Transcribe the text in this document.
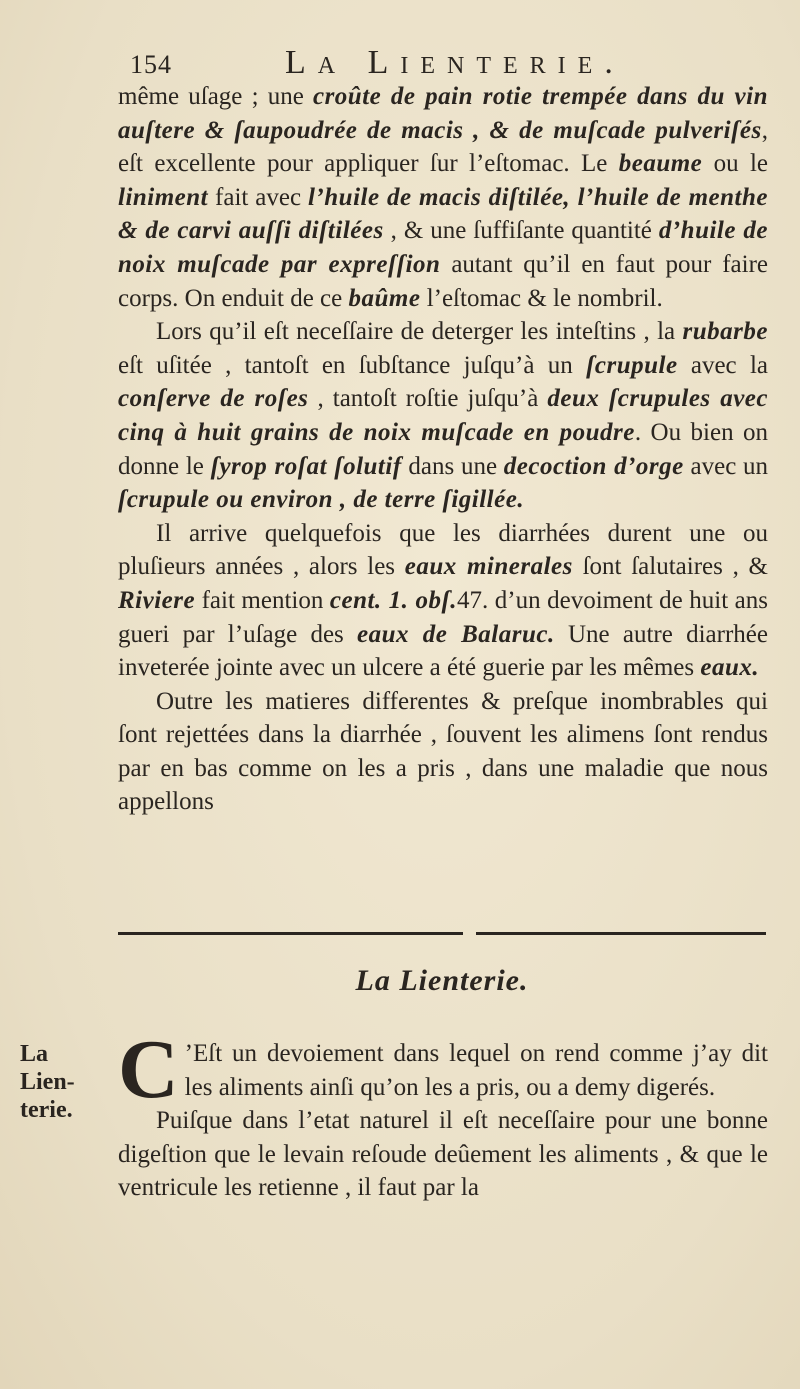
154	La Lienterie.

même uſage ; une croûte de pain rotie trempée dans du vin auſtere & ſaupoudrée de macis , & de muſcade pulveriſés, eſt excellente pour appliquer ſur l’eſtomac. Le beaume ou le liniment fait avec l’huile de macis diſtilée, l’huile de menthe & de carvi auſſi diſtilées , & une ſuffiſante quantité d’huile de noix muſcade par expreſſion autant qu’il en faut pour faire corps. On enduit de ce baûme l’eſtomac & le nombril.

Lors qu’il eſt neceſſaire de deterger les inteſtins , la rubarbe eſt uſitée , tantoſt en ſubſtance juſqu’à un ſcrupule avec la conſerve de roſes , tantoſt roſtie juſqu’à deux ſcrupules avec cinq à huit grains de noix muſcade en poudre. Ou bien on donne le ſyrop roſat ſolutif dans une decoction d’orge avec un ſcrupule ou environ , de terre ſigillée.

Il arrive quelquefois que les diarrhées durent une ou pluſieurs années , alors les eaux minerales ſont ſalutaires , & Riviere fait mention cent. 1. obſ.47. d’un devoiment de huit ans gueri par l’uſage des eaux de Balaruc. Une autre diarrhée inveterée jointe avec un ulcere a été guerie par les mêmes eaux.

Outre les matieres differentes & preſque inombrables qui ſont rejettées dans la diarrhée , ſouvent les alimens ſont rendus par en bas comme on les a pris , dans une maladie que nous appellons

La Lienterie.
La
Lien-
terie. C ’Eſt un devoiement dans lequel on rend comme j’ay dit les aliments ainſi qu’on les a pris, ou a demy digerés.

Puiſque dans l’etat naturel il eſt neceſſaire pour une bonne digeſtion que le levain reſoude deûement les aliments , & que le ventricule les retienne , il faut par la
